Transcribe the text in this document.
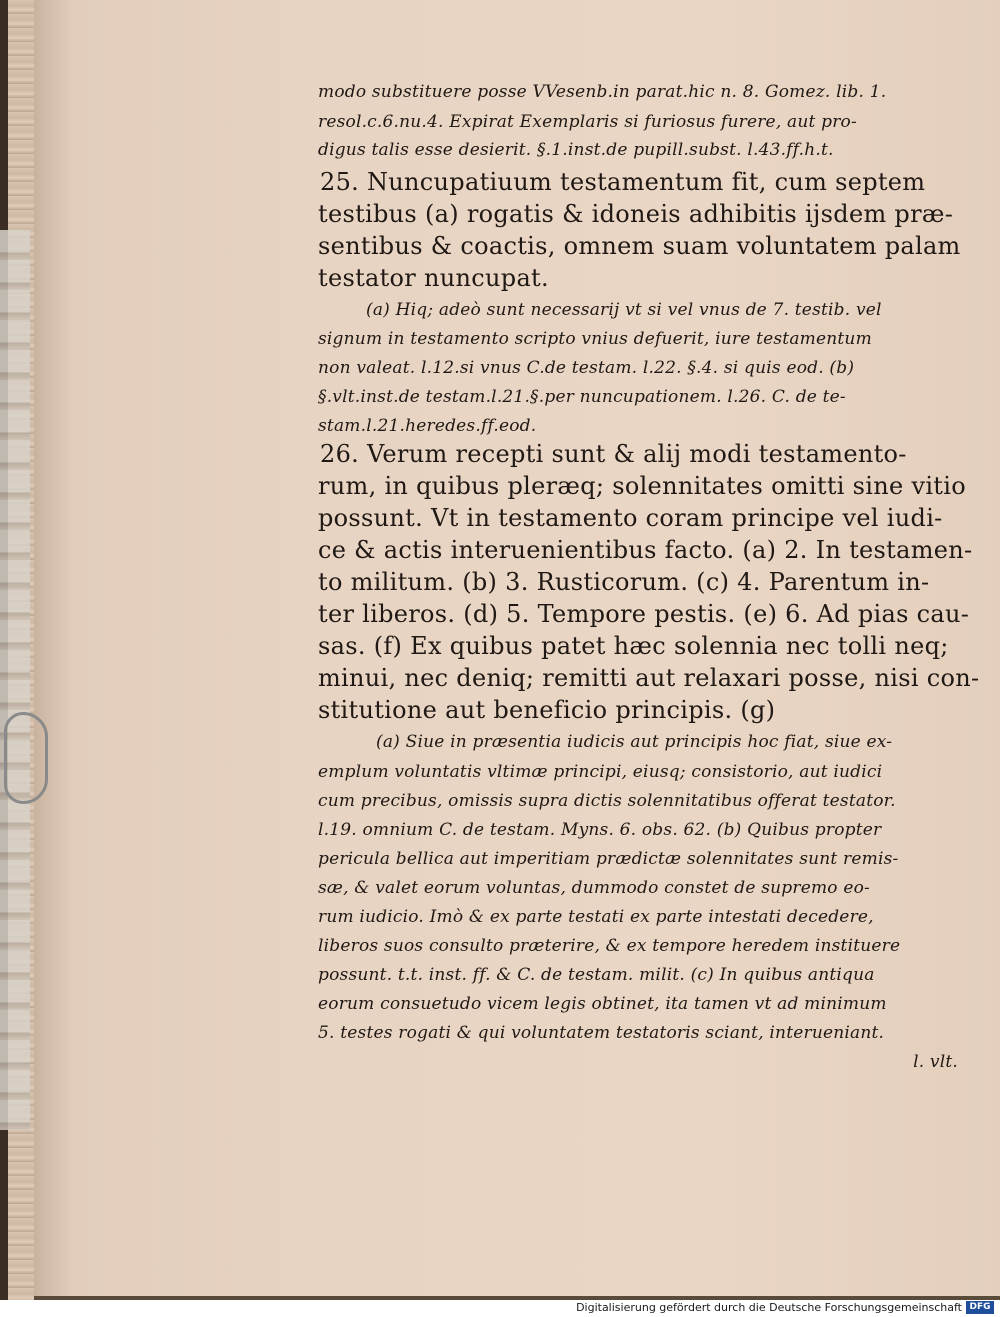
modo substituere posse VVesenb.in parat.hic n. 8. Gomez. lib. 1.
resol.c.6.nu.4. Expirat Exemplaris si furiosus furere, aut pro-
digus talis esse desierit. §.1.inst.de pupill.subst. l.43.ff.h.t.
25. Nuncupatiuum testamentum fit, cum septem
testibus (a) rogatis & idoneis adhibitis ijsdem præ-
sentibus & coactis, omnem suam voluntatem palam
testator nuncupat.
(a) Hiq; adeò sunt necessarij vt si vel vnus de 7. testib. vel
signum in testamento scripto vnius defuerit, iure testamentum
non valeat. l.12.si vnus C.de testam. l.22. §.4. si quis eod. (b)
§.vlt.inst.de testam.l.21.§.per nuncupationem. l.26. C. de te-
stam.l.21.heredes.ff.eod.
26. Verum recepti sunt & alij modi testamento-
rum, in quibus pleræq; solennitates omitti sine vitio
possunt. Vt in testamento coram principe vel iudi-
ce & actis interuenientibus facto. (a) 2. In testamen-
to militum. (b) 3. Rusticorum. (c) 4. Parentum in-
ter liberos. (d) 5. Tempore pestis. (e) 6. Ad pias cau-
sas. (f) Ex quibus patet hæc solennia nec tolli neq;
minui, nec deniq; remitti aut relaxari posse, nisi con-
stitutione aut beneficio principis. (g)
(a) Siue in præsentia iudicis aut principis hoc fiat, siue ex-
emplum voluntatis vltimæ principi, eiusq; consistorio, aut iudici
cum precibus, omissis supra dictis solennitatibus offerat testator.
l.19. omnium C. de testam. Myns. 6. obs. 62. (b) Quibus propter
pericula bellica aut imperitiam prædictæ solennitates sunt remis-
sæ, & valet eorum voluntas, dummodo constet de supremo eo-
rum iudicio. Imò & ex parte testati ex parte intestati decedere,
liberos suos consulto præterire, & ex tempore heredem instituere
possunt. t.t. inst. ff. & C. de testam. milit. (c) In quibus antiqua
eorum consuetudo vicem legis obtinet, ita tamen vt ad minimum
5. testes rogati & qui voluntatem testatoris sciant, interueniant.
l. vlt.
Digitalisierung gefördert durch die Deutsche Forschungsgemeinschaft DFG
